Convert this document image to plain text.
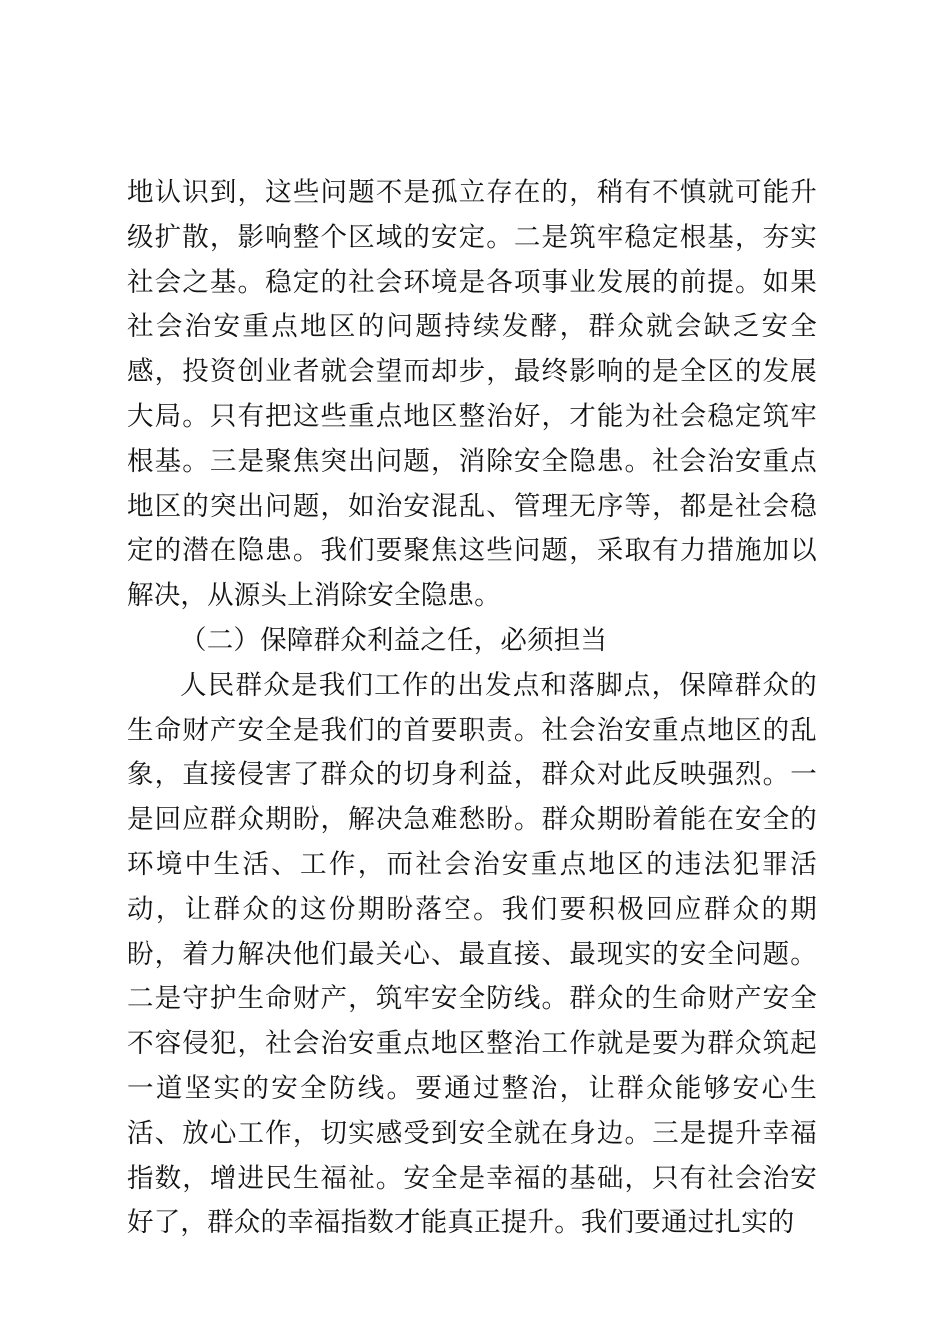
地认识到，这些问题不是孤立存在的，稍有不慎就可能升级扩散，影响整个区域的安定。二是筑牢稳定根基，夯实社会之基。稳定的社会环境是各项事业发展的前提。如果社会治安重点地区的问题持续发酵，群众就会缺乏安全感，投资创业者就会望而却步，最终影响的是全区的发展大局。只有把这些重点地区整治好，才能为社会稳定筑牢根基。三是聚焦突出问题，消除安全隐患。社会治安重点地区的突出问题，如治安混乱、管理无序等，都是社会稳定的潜在隐患。我们要聚焦这些问题，采取有力措施加以解决，从源头上消除安全隐患。

（二）保障群众利益之任，必须担当

人民群众是我们工作的出发点和落脚点，保障群众的生命财产安全是我们的首要职责。社会治安重点地区的乱象，直接侵害了群众的切身利益，群众对此反映强烈。一是回应群众期盼，解决急难愁盼。群众期盼着能在安全的环境中生活、工作，而社会治安重点地区的违法犯罪活动，让群众的这份期盼落空。我们要积极回应群众的期盼，着力解决他们最关心、最直接、最现实的安全问题。二是守护生命财产，筑牢安全防线。群众的生命财产安全不容侵犯，社会治安重点地区整治工作就是要为群众筑起一道坚实的安全防线。要通过整治，让群众能够安心生活、放心工作，切实感受到安全就在身边。三是提升幸福指数，增进民生福祉。安全是幸福的基础，只有社会治安好了，群众的幸福指数才能真正提升。我们要通过扎实的
